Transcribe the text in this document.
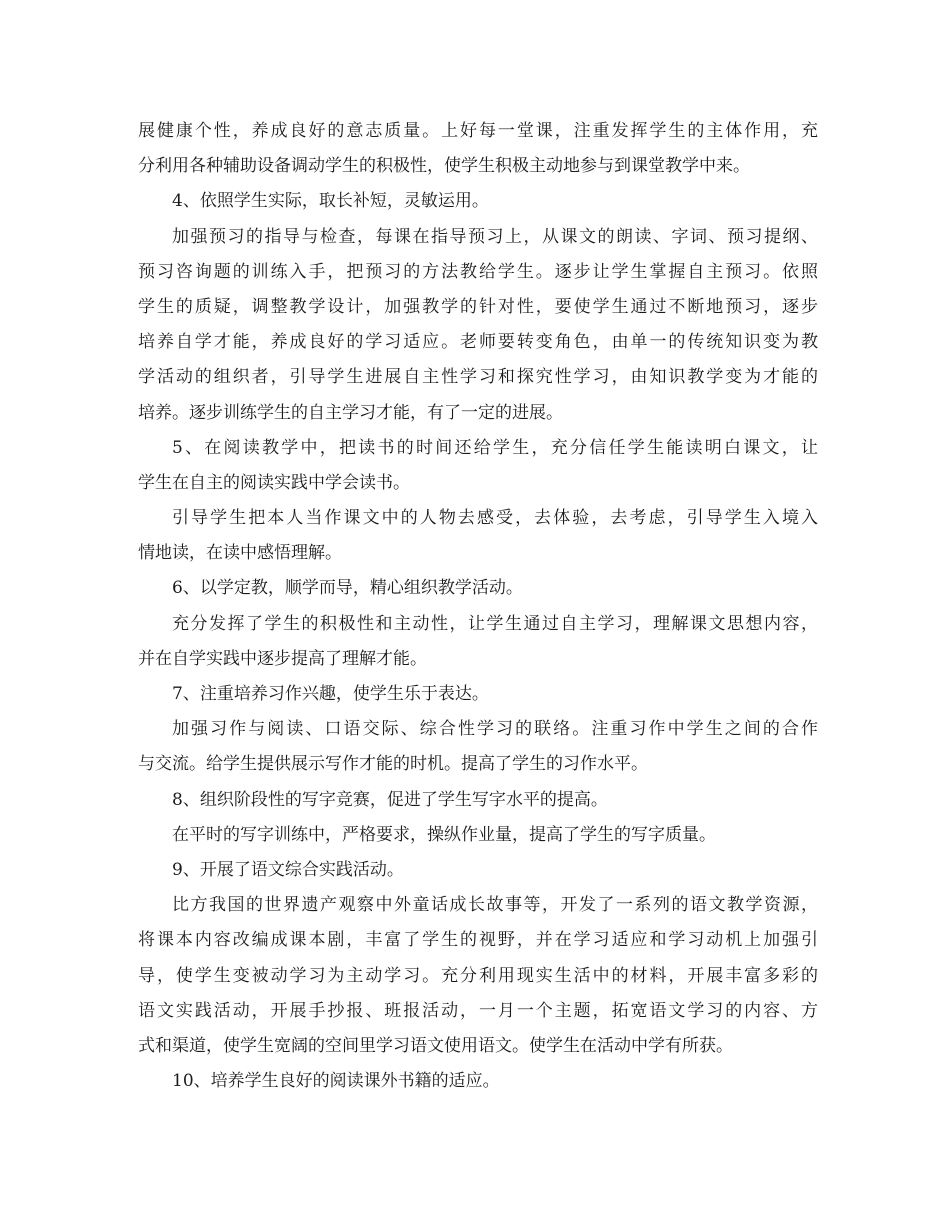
展健康个性，养成良好的意志质量。上好每一堂课，注重发挥学生的主体作用，充
分利用各种辅助设备调动学生的积极性，使学生积极主动地参与到课堂教学中来。
4、依照学生实际，取长补短，灵敏运用。
加强预习的指导与检查，每课在指导预习上，从课文的朗读、字词、预习提纲、
预习咨询题的训练入手，把预习的方法教给学生。逐步让学生掌握自主预习。依照
学生的质疑，调整教学设计，加强教学的针对性，要使学生通过不断地预习，逐步
培养自学才能，养成良好的学习适应。老师要转变角色，由单一的传统知识变为教
学活动的组织者，引导学生进展自主性学习和探究性学习，由知识教学变为才能的
培养。逐步训练学生的自主学习才能，有了一定的进展。
5、在阅读教学中，把读书的时间还给学生，充分信任学生能读明白课文，让
学生在自主的阅读实践中学会读书。
引导学生把本人当作课文中的人物去感受，去体验，去考虑，引导学生入境入
情地读，在读中感悟理解。
6、以学定教，顺学而导，精心组织教学活动。
充分发挥了学生的积极性和主动性，让学生通过自主学习，理解课文思想内容，
并在自学实践中逐步提高了理解才能。
7、注重培养习作兴趣，使学生乐于表达。
加强习作与阅读、口语交际、综合性学习的联络。注重习作中学生之间的合作
与交流。给学生提供展示写作才能的时机。提高了学生的习作水平。
8、组织阶段性的写字竞赛，促进了学生写字水平的提高。
在平时的写字训练中，严格要求，操纵作业量，提高了学生的写字质量。
9、开展了语文综合实践活动。
比方我国的世界遗产观察中外童话成长故事等，开发了一系列的语文教学资源，
将课本内容改编成课本剧，丰富了学生的视野，并在学习适应和学习动机上加强引
导，使学生变被动学习为主动学习。充分利用现实生活中的材料，开展丰富多彩的
语文实践活动，开展手抄报、班报活动，一月一个主题，拓宽语文学习的内容、方
式和渠道，使学生宽阔的空间里学习语文使用语文。使学生在活动中学有所获。
10、培养学生良好的阅读课外书籍的适应。
